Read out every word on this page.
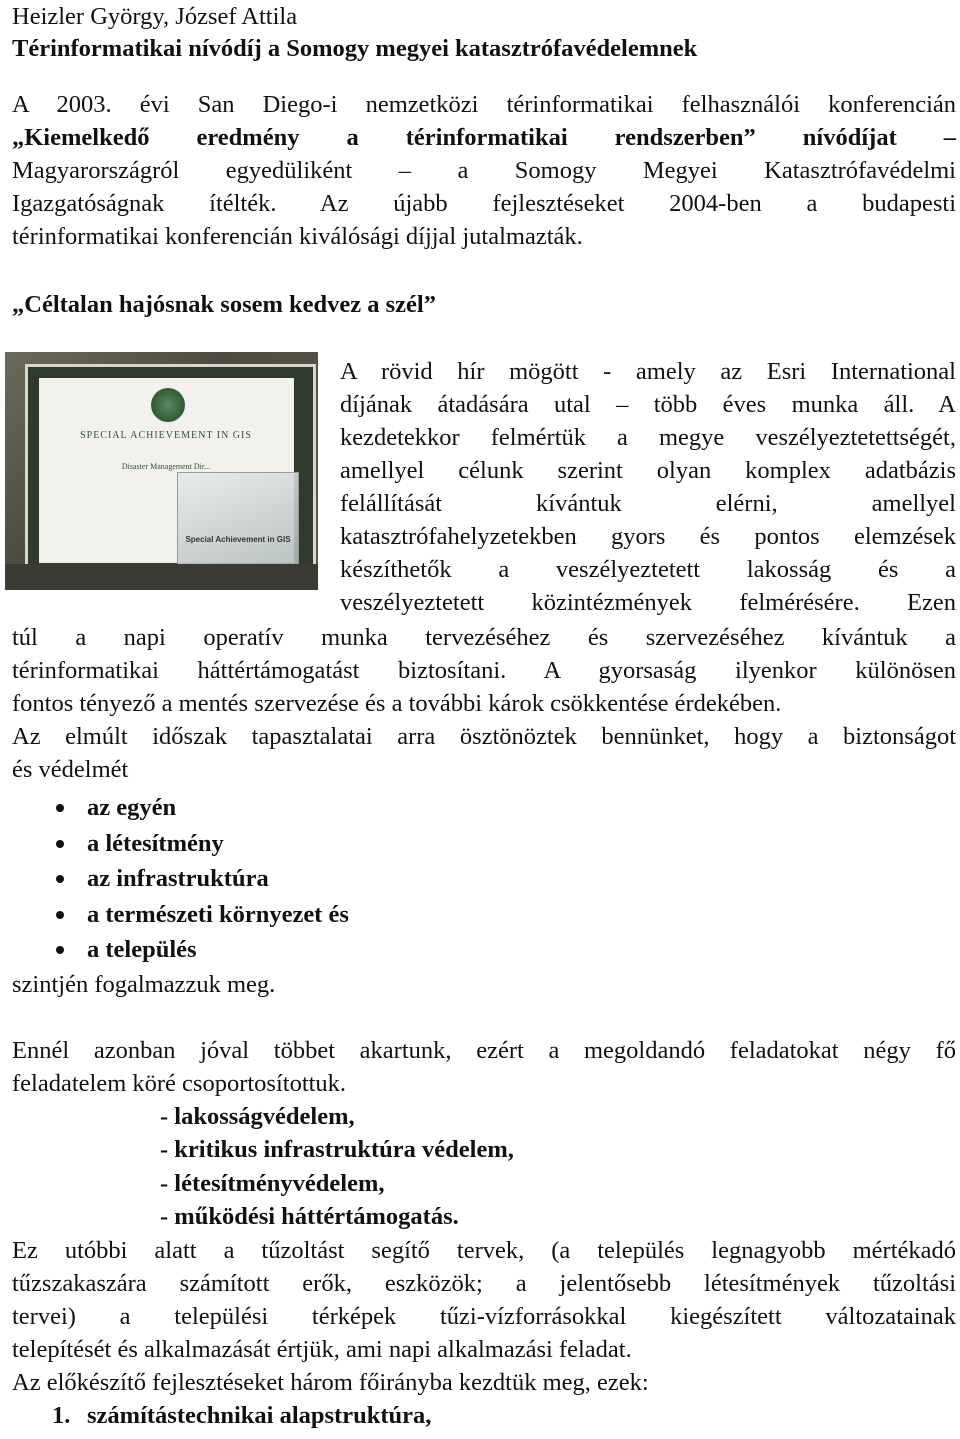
Heizler György, József Attila
Térinformatikai nívódíj a Somogy megyei katasztrófavédelemnek
A 2003. évi San Diego-i nemzetközi térinformatikai felhasználói konferencián
„Kiemelkedő eredmény a térinformatikai rendszerben” nívódíjat –
Magyarországról egyedüliként – a Somogy Megyei Katasztrófavédelmi
Igazgatóságnak ítélték. Az újabb fejlesztéseket 2004-ben a budapesti
térinformatikai konferencián kiválósági díjjal jutalmazták.
„Céltalan hajósnak sosem kedvez a szél”
SPECIAL ACHIEVEMENT IN GIS
Disaster Management Dir...
Special Achievement in GIS
A rövid hír mögött - amely az Esri International
díjának átadására utal – több éves munka áll. A
kezdetekkor felmértük a megye veszélyeztetettségét,
amellyel célunk szerint olyan komplex adatbázis
felállítását kívántuk elérni, amellyel
katasztrófahelyzetekben gyors és pontos elemzések
készíthetők a veszélyeztetett lakosság és a
veszélyeztetett közintézmények felmérésére. Ezen
túl a napi operatív munka tervezéséhez és szervezéséhez kívántuk a
térinformatikai háttértámogatást biztosítani. A gyorsaság ilyenkor különösen
fontos tényező a mentés szervezése és a további károk csökkentése érdekében.
Az elmúlt időszak tapasztalatai arra ösztönöztek bennünket, hogy a biztonságot
és védelmét
az egyén
a létesítmény
az infrastruktúra
a természeti környezet és
a település
szintjén fogalmazzuk meg.
Ennél azonban jóval többet akartunk, ezért a megoldandó feladatokat négy fő
feladatelem köré csoportosítottuk.
- lakosságvédelem,
- kritikus infrastruktúra védelem,
- létesítményvédelem,
- működési háttértámogatás.
Ez utóbbi alatt a tűzoltást segítő tervek, (a település legnagyobb mértékadó
tűzszakaszára számított erők, eszközök; a jelentősebb létesítmények tűzoltási
tervei) a települési térképek tűzi-vízforrásokkal kiegészített változatainak
telepítését és alkalmazását értjük, ami napi alkalmazási feladat.
Az előkészítő fejlesztéseket három főirányba kezdtük meg, ezek:
1. számítástechnikai alapstruktúra,
